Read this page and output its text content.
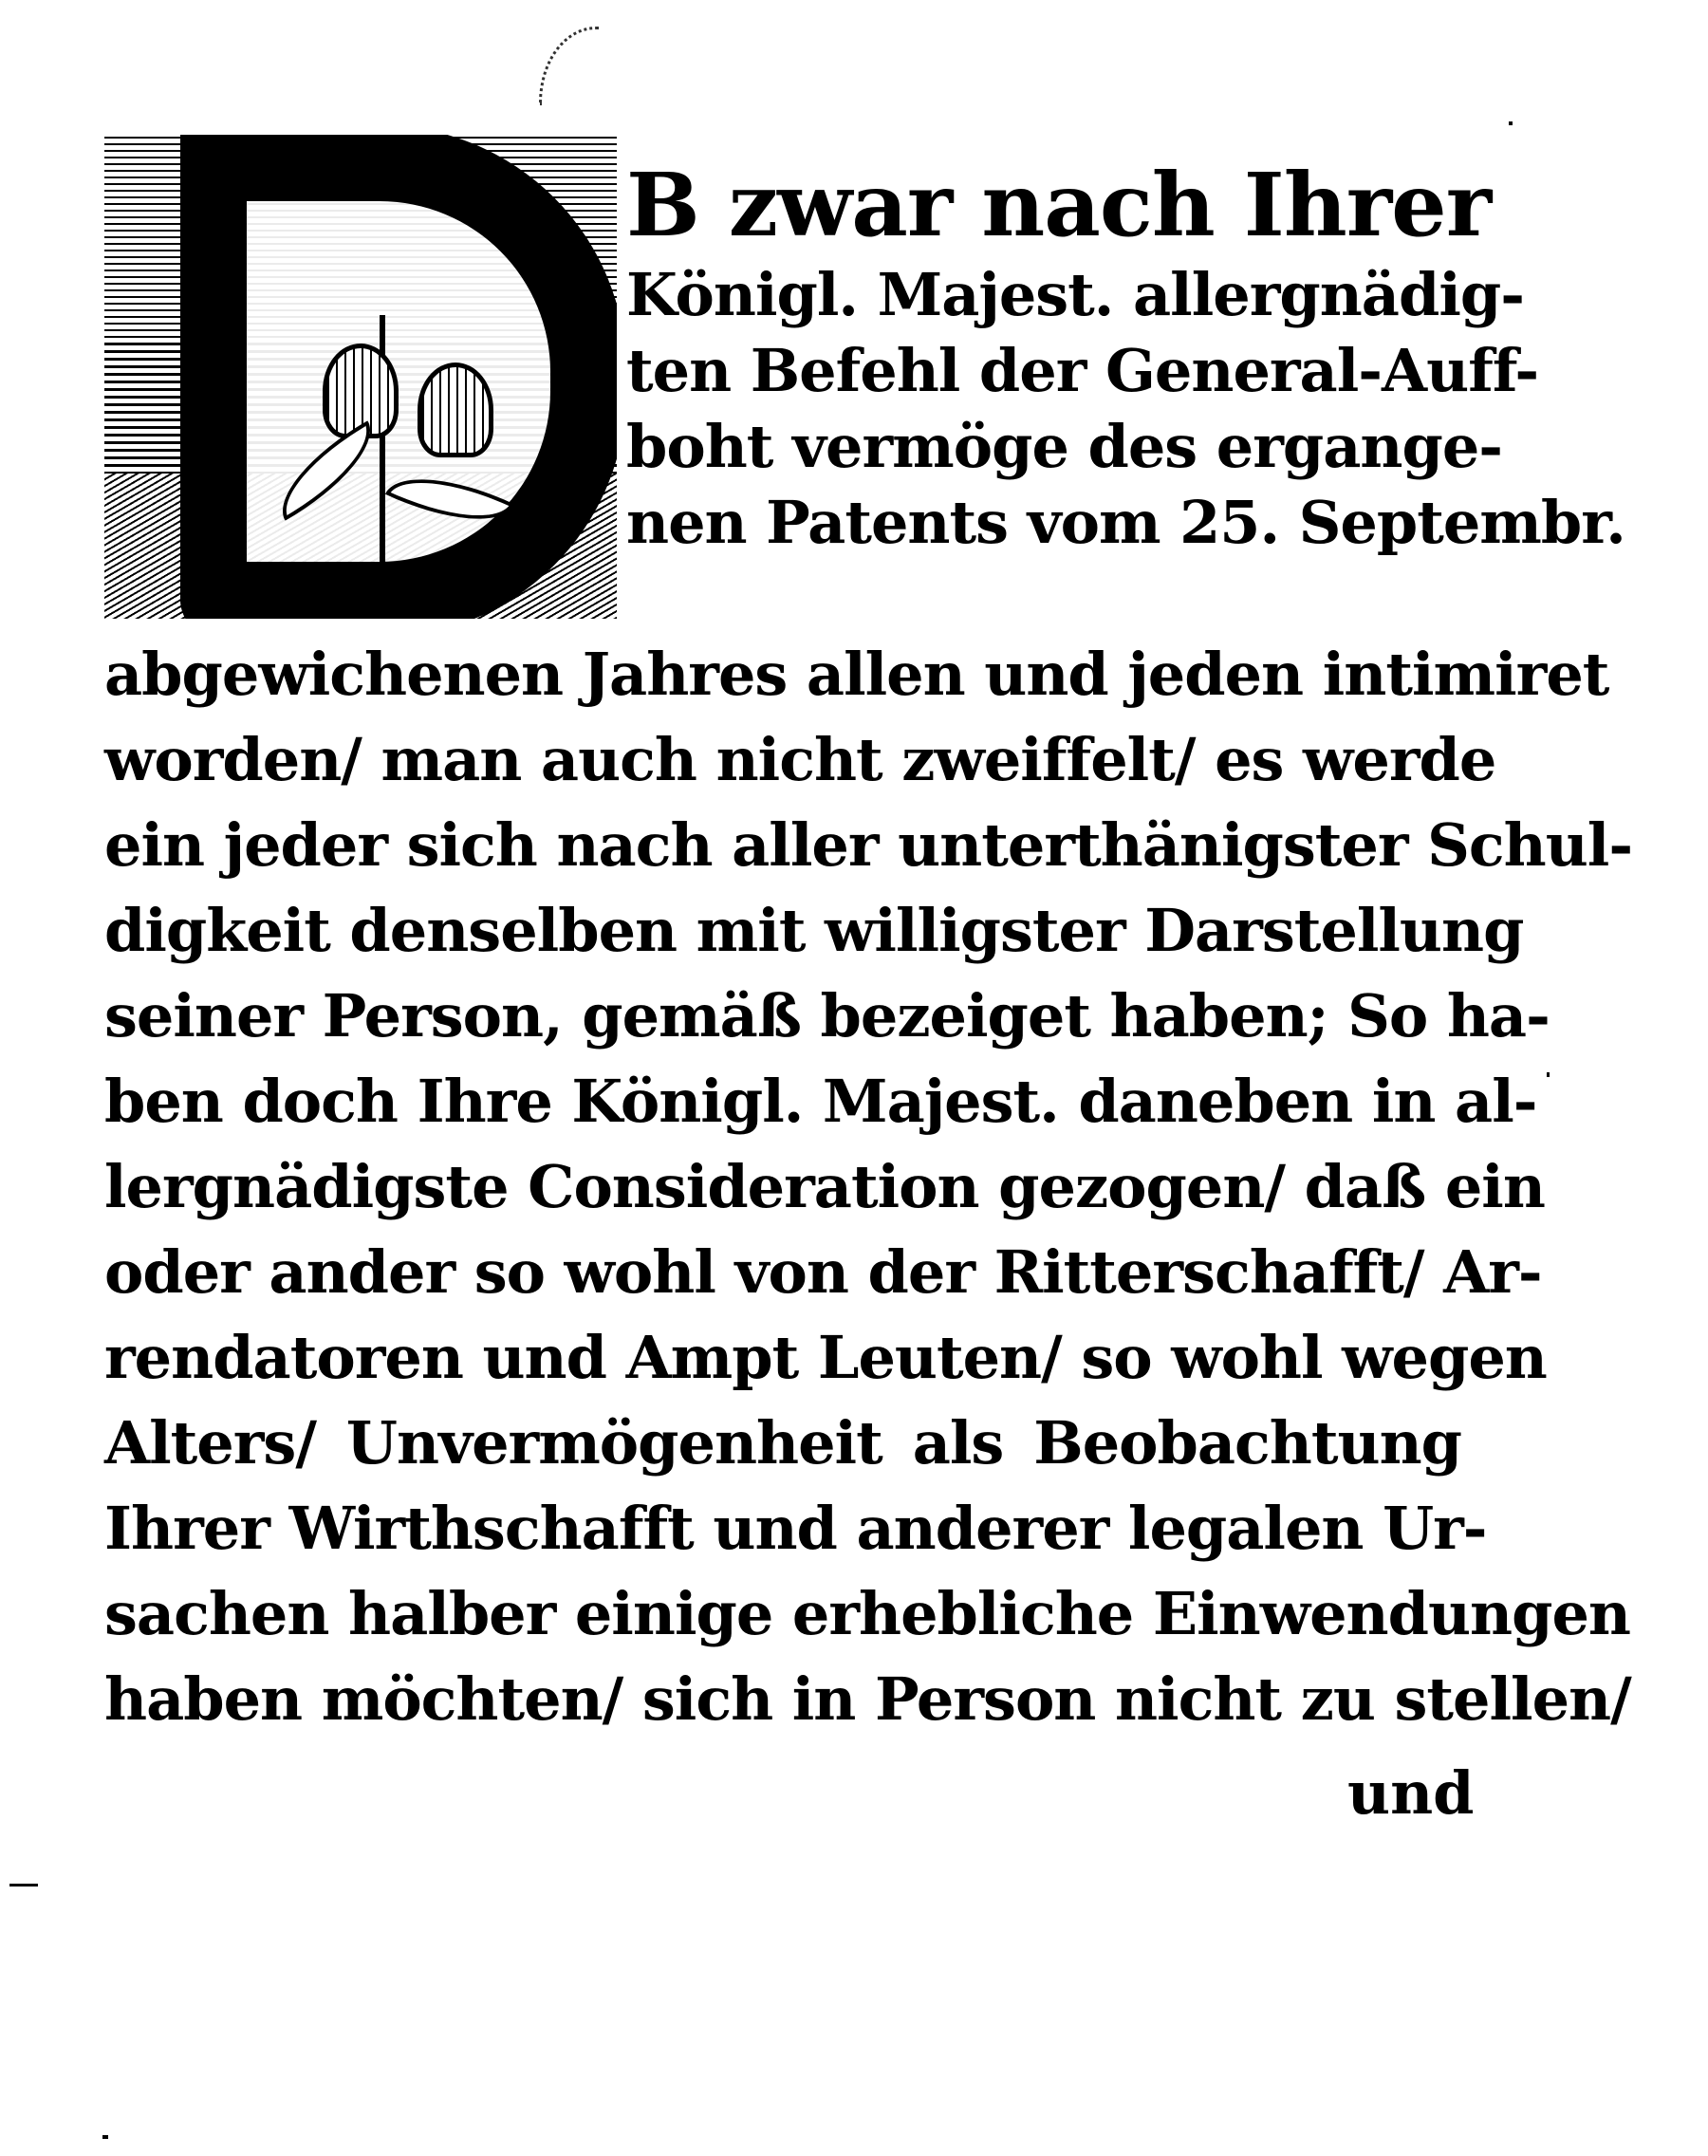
B zwar nach Ihrer
Königl. Majest. allergnädig-
ten Befehl der General-Auff-
boht vermöge des ergange-
nen Patents vom 25. Septembr.
abgewichenen Jahres allen und jeden intimiret
worden/ man auch nicht zweiffelt/ es werde
ein jeder sich nach aller unterthänigster Schul-
digkeit denselben mit willigster Darstellung
seiner Person, gemäß bezeiget haben; So ha-
ben doch Ihre Königl. Majest. daneben in al-
lergnädigste Consideration gezogen/ daß ein
oder ander so wohl von der Ritterschafft/ Ar-
rendatoren und Ampt Leuten/ so wohl wegen
Alters/ Unvermögenheit als Beobachtung
Ihrer Wirthschafft und anderer legalen Ur-
sachen halber einige erhebliche Einwendungen
haben möchten/ sich in Person nicht zu stellen/
und
